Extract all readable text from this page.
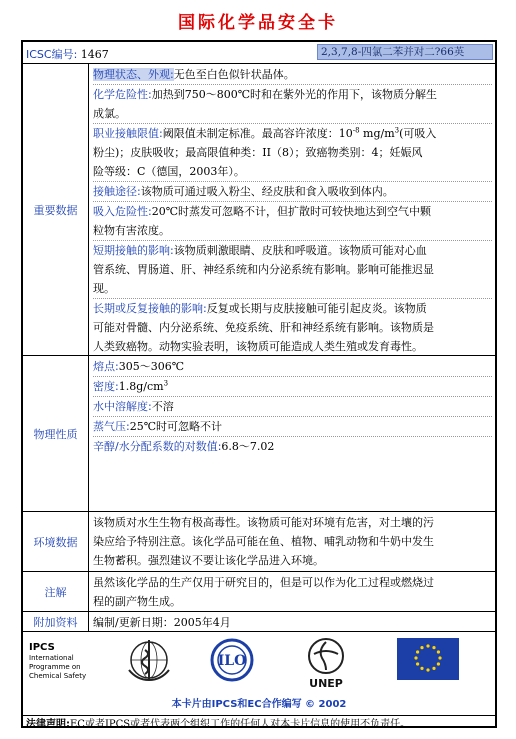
国际化学品安全卡
ICSC编号: 1467	2,3,7,8-四氯二苯并对二?66英
重要数据
物理状态、外观:无色至白色似针状晶体。
化学危险性:加热到750～800℃时和在紫外光的作用下，该物质分解生
成氯。
职业接触限值:阈限值未制定标准。最高容许浓度：$10^{-8}$ $mg/m^3$(可吸入
粉尘)；皮肤吸收；最高限值种类：II（8）；致癌物类别：4；妊娠风
险等级：C（德国，2003年）。
接触途径:该物质可通过吸入粉尘、经皮肤和食入吸收到体内。
吸入危险性:20℃时蒸发可忽略不计，但扩散时可较快地达到空气中颗
粒物有害浓度。
短期接触的影响:该物质刺激眼睛、皮肤和呼吸道。该物质可能对心血
管系统、胃肠道、肝、神经系统和内分泌系统有影响。影响可能推迟显
现。
长期或反复接触的影响:反复或长期与皮肤接触可能引起皮炎。该物质
可能对骨髓、内分泌系统、免疫系统、肝和神经系统有影响。该物质是
人类致癌物。动物实验表明，该物质可能造成人类生殖或发育毒性。
物理性质
熔点:305～306℃
密度$:1.8g/cm^3$
水中溶解度:不溶
蒸气压:25℃时可忽略不计
辛醇/水分配系数的对数值:6.8～7.02
环境数据
该物质对水生生物有极高毒性。该物质可能对环境有危害，对土壤的污
染应给予特别注意。该化学品可能在鱼、植物、哺乳动物和牛奶中发生
生物蓄积。强烈建议不要让该化学品进入环境。
注解
虽然该化学品的生产仅用于研究目的，但是可以作为化工过程或燃烧过
程的副产物生成。
附加资料	编制/更新日期：2005年4月
IPCS
International
Programme on
Chemical Safety
ILO
UNEP
本卡片由IPCS和EC合作编写 © 2002
法律声明:EC或者IPCS或者代表两个组织工作的任何人对本卡片信息的使用不负责任。
